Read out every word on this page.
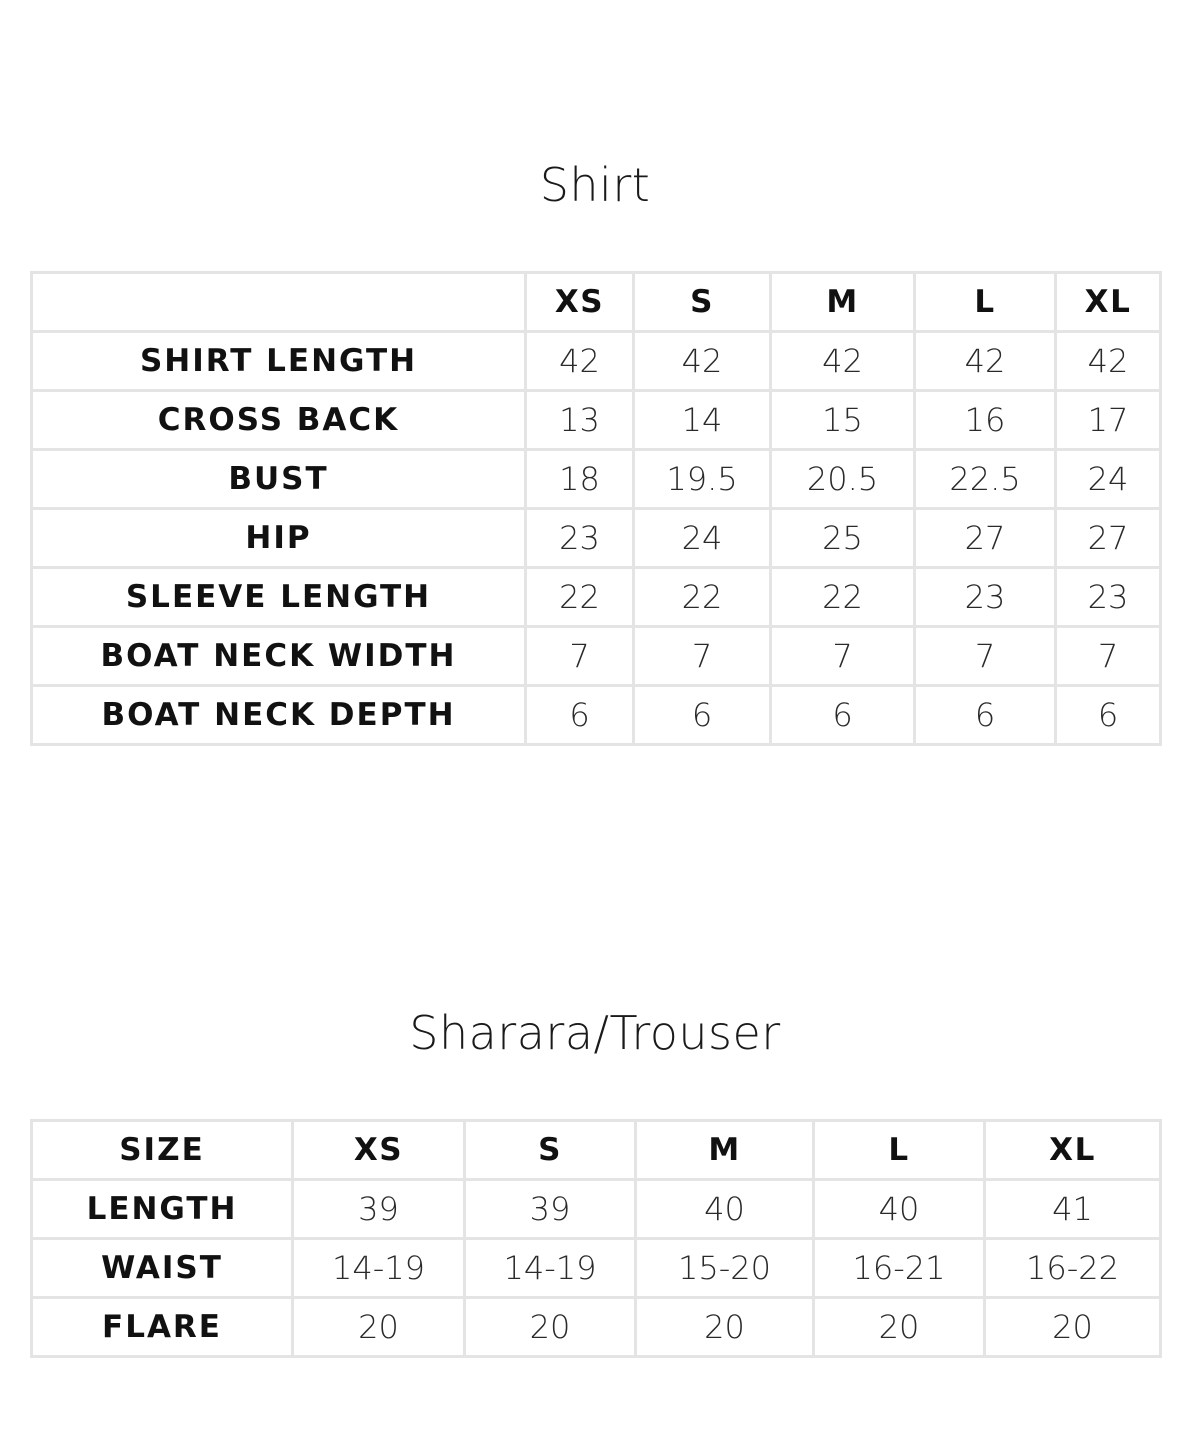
Shirt
	XS	S	M	L	XL
SHIRT LENGTH	42	42	42	42	42
CROSS BACK	13	14	15	16	17
BUST	18	19.5	20.5	22.5	24
HIP	23	24	25	27	27
SLEEVE LENGTH	22	22	22	23	23
BOAT NECK WIDTH	7	7	7	7	7
BOAT NECK DEPTH	6	6	6	6	6
Sharara/Trouser
SIZE	XS	S	M	L	XL
LENGTH	39	39	40	40	41
WAIST	14-19	14-19	15-20	16-21	16-22
FLARE	20	20	20	20	20
